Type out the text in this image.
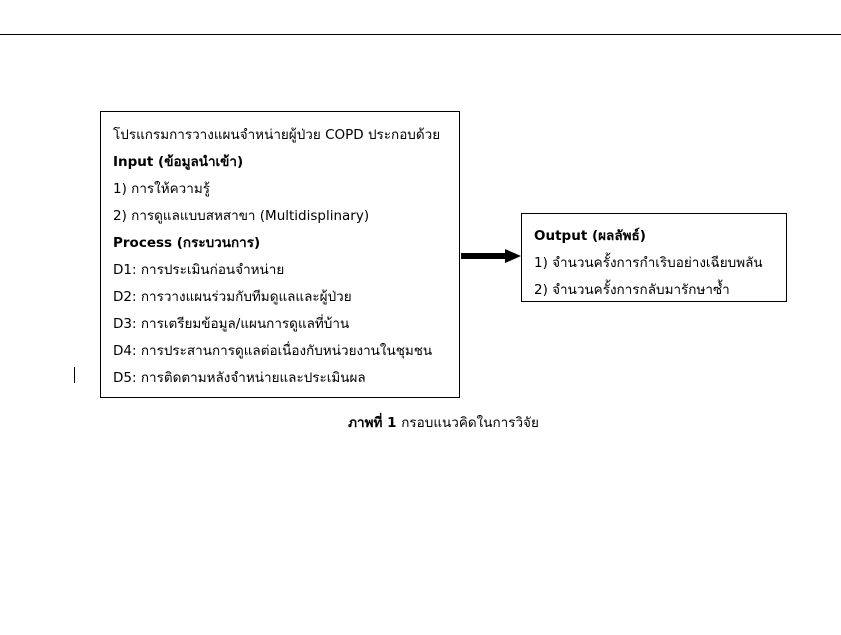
โปรแกรมการวางแผนจำหน่ายผู้ป่วย COPD ประกอบด้วย
Input (ข้อมูลนำเข้า)
1) การให้ความรู้
2) การดูแลแบบสหสาขา (Multidisplinary)
Process (กระบวนการ)
D1: การประเมินก่อนจำหน่าย
D2: การวางแผนร่วมกับทีมดูแลและผู้ป่วย
D3: การเตรียมข้อมูล/แผนการดูแลที่บ้าน
D4: การประสานการดูแลต่อเนื่องกับหน่วยงานในชุมชน
D5: การติดตามหลังจำหน่ายและประเมินผล
Output (ผลลัพธ์)
1) จำนวนครั้งการกำเริบอย่างเฉียบพลัน
2) จำนวนครั้งการกลับมารักษาซ้ำ
ภาพที่ 1 กรอบแนวคิดในการวิจัย
